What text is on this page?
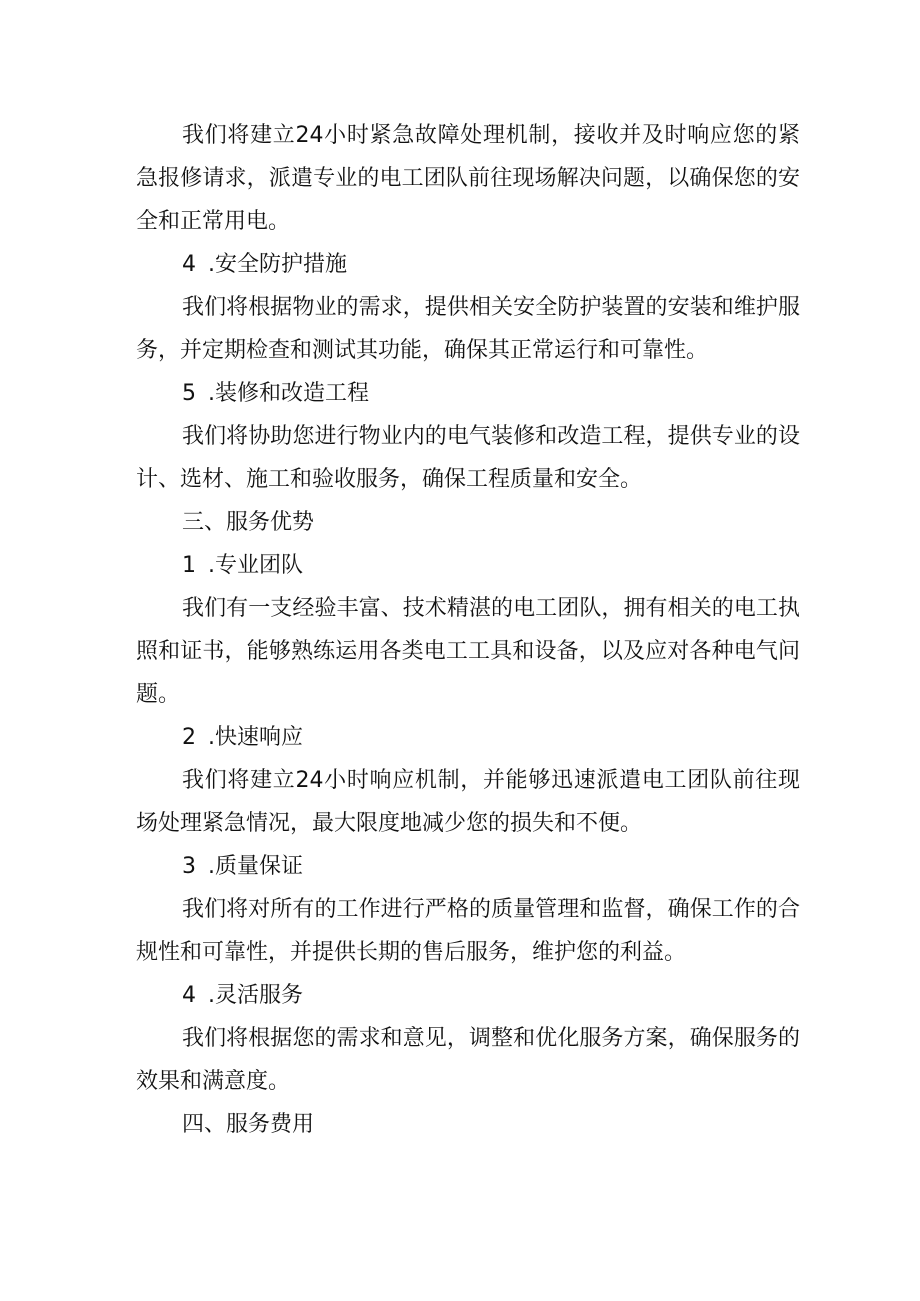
我们将建立24小时紧急故障处理机制，接收并及时响应您的紧急报修请求，派遣专业的电工团队前往现场解决问题，以确保您的安全和正常用电。

4 .安全防护措施

我们将根据物业的需求，提供相关安全防护装置的安装和维护服务，并定期检查和测试其功能，确保其正常运行和可靠性。

5 .装修和改造工程

我们将协助您进行物业内的电气装修和改造工程，提供专业的设计、选材、施工和验收服务，确保工程质量和安全。

三、服务优势

1 .专业团队

我们有一支经验丰富、技术精湛的电工团队，拥有相关的电工执照和证书，能够熟练运用各类电工工具和设备，以及应对各种电气问题。

2 .快速响应

我们将建立24小时响应机制，并能够迅速派遣电工团队前往现场处理紧急情况，最大限度地减少您的损失和不便。

3 .质量保证

我们将对所有的工作进行严格的质量管理和监督，确保工作的合规性和可靠性，并提供长期的售后服务，维护您的利益。

4 .灵活服务

我们将根据您的需求和意见，调整和优化服务方案，确保服务的效果和满意度。

四、服务费用
